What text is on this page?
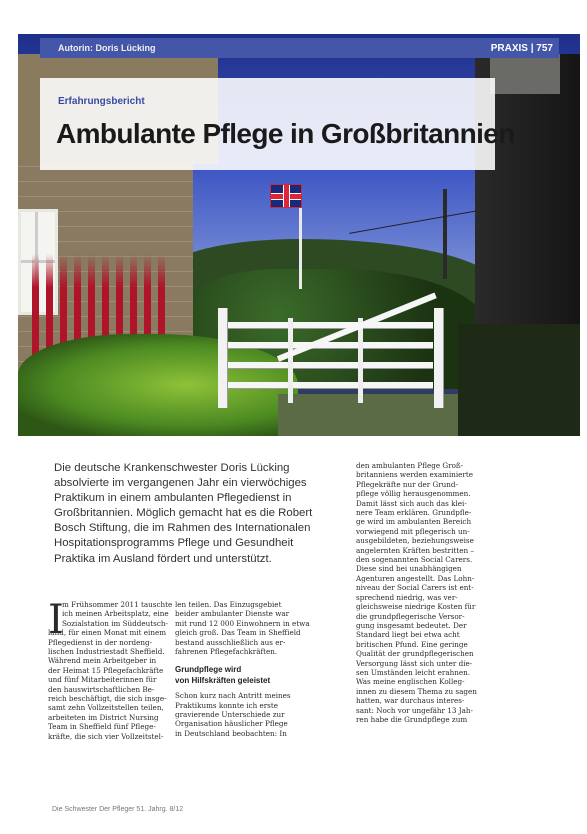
Autorin: Doris Lücking	PRAXIS | 757
Erfahrungsbericht
Ambulante Pflege in Großbritannien
Die deutsche Krankenschwester Doris Lücking
absolvierte im vergangenen Jahr ein vierwöchiges
Praktikum in einem ambulanten Pflegedienst in
Großbritannien. Möglich gemacht hat es die Robert
Bosch Stiftung, die im Rahmen des Internationalen
Hospitationsprogramms Pflege und Gesundheit
Praktika im Ausland fördert und unterstützt.
I
m Frühsommer 2011 tauschte
ich meinen Arbeitsplatz, eine
Sozialstation im Süddeutsch-
land, für einen Monat mit einem
Pflegedienst in der nordeng-
lischen Industriestadt Sheffield.
Während mein Arbeitgeber in
der Heimat 15 Pflegefachkräfte
und fünf Mitarbeiterinnen für
den hauswirtschaftlichen Be-
reich beschäftigt, die sich insge-
samt zehn Vollzeitstellen teilen,
arbeiteten im District Nursing
Team in Sheffield fünf Pflege-
kräfte, die sich vier Vollzeitstel-
len teilen. Das Einzugsgebiet
beider ambulanter Dienste war
mit rund 12 000 Einwohnern in etwa
gleich groß. Das Team in Sheffield
bestand ausschließlich aus er-
fahrenen Pflegefachkräften.
Grundpflege wird
von Hilfskräften geleistet
Schon kurz nach Antritt meines
Praktikums konnte ich erste
gravierende Unterschiede zur
Organisation häuslicher Pflege
in Deutschland beobachten: In
den ambulanten Pflege Groß-
britanniens werden examinierte
Pflegekräfte nur der Grund-
pflege völlig herausgenommen.
Damit lässt sich auch das klei-
nere Team erklären. Grundpfle-
ge wird im ambulanten Bereich
vorwiegend mit pflegerisch un-
ausgebildeten, beziehungsweise
angelernten Kräften bestritten –
den sogenannten Social Carers.
Diese sind bei unabhängigen
Agenturen angestellt. Das Lohn-
niveau der Social Carers ist ent-
sprechend niedrig, was ver-
gleichsweise niedrige Kosten für
die grundpflegerische Versor-
gung insgesamt bedeutet. Der
Standard liegt bei etwa acht
britischen Pfund. Eine geringe
Qualität der grundpflegerischen
Versorgung lässt sich unter die-
sen Umständen leicht erahnen.
Was meine englischen Kolleg-
innen zu diesem Thema zu sagen
hatten, war durchaus interes-
sant: Noch vor ungefähr 13 Jah-
ren habe die Grundpflege zum
Die Schwester Der Pfleger 51. Jahrg. 8/12
